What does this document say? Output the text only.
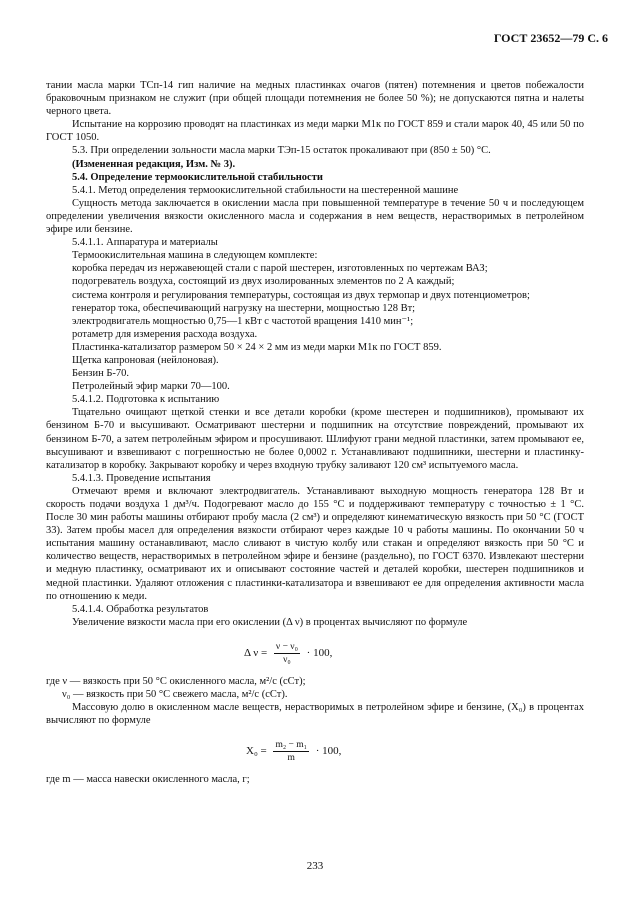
ГОСТ 23652—79 С. 6

тании масла марки ТСп-14 гип наличие на медных пластинках очагов (пятен) потемнения и цветов побежалости браковочным признаком не служит (при общей площади потемнения не более 50 %); не допускаются пятна и налеты черного цвета.

Испытание на коррозию проводят на пластинках из меди марки М1к по ГОСТ 859 и стали марок 40, 45 или 50 по ГОСТ 1050.

5.3. При определении зольности масла марки ТЭп-15 остаток прокаливают при (850 ± 50) °С.

(Измененная редакция, Изм. № 3).

5.4. Определение термоокислительной стабильности

5.4.1. Метод определения термоокислительной стабильности на шестеренной машине

Сущность метода заключается в окислении масла при повышенной температуре в течение 50 ч и последующем определении увеличения вязкости окисленного масла и содержания в нем веществ, нерастворимых в петролейном эфире или бензине.

5.4.1.1. Аппаратура и материалы

Термоокислительная машина в следующем комплекте:

коробка передач из нержавеющей стали с парой шестерен, изготовленных по чертежам ВАЗ;

подогреватель воздуха, состоящий из двух изолированных элементов по 2 А каждый;

система контроля и регулирования температуры, состоящая из двух термопар и двух потенциометров;

генератор тока, обеспечивающий нагрузку на шестерни, мощностью 128 Вт;

электродвигатель мощностью 0,75—1 кВт с частотой вращения 1410 мин⁻¹;

ротаметр для измерения расхода воздуха.

Пластинка-катализатор размером 50 × 24 × 2 мм из меди марки М1к по ГОСТ 859.

Щетка капроновая (нейлоновая).

Бензин Б-70.

Петролейный эфир марки 70—100.

5.4.1.2. Подготовка к испытанию

Тщательно очищают щеткой стенки и все детали коробки (кроме шестерен и подшипников), промывают их бензином Б-70 и высушивают. Осматривают шестерни и подшипник на отсутствие повреждений, промывают их бензином Б-70, а затем петролейным эфиром и просушивают. Шлифуют грани медной пластинки, затем промывают ее, высушивают и взвешивают с погрешностью не более 0,0002 г. Устанавливают подшипники, шестерни и пластинку-катализатор в коробку. Закрывают коробку и через входную трубку заливают 120 см³ испытуемого масла.

5.4.1.3. Проведение испытания

Отмечают время и включают электродвигатель. Устанавливают выходную мощность генератора 128 Вт и скорость подачи воздуха 1 дм³/ч. Подогревают масло до 155 °С и поддерживают температуру с точностью ± 1 °С. После 30 мин работы машины отбирают пробу масла (2 см³) и определяют кинематическую вязкость при 50 °С (ГОСТ 33). Затем пробы масел для определения вязкости отбирают через каждые 10 ч работы машины. По окончании 50 ч испытания машину останавливают, масло сливают в чистую колбу или стакан и определяют вязкость при 50 °С и количество веществ, нерастворимых в петролейном эфире и бензине (раздельно), по ГОСТ 6370. Извлекают шестерни и медную пластинку, осматривают их и описывают состояние частей и деталей коробки, шестерен подшипников и медной пластинки. Удаляют отложения с пластинки-катализатора и взвешивают ее для определения активности масла по отношению к меди.

5.4.1.4. Обработка результатов

Увеличение вязкости масла при его окислении (Δ ν) в процентах вычисляют по формуле

Δ $\nu = \frac{\text{ν − ν₀}}{\text{ν₀}} \cdot 100$,

где ν — вязкость при 50 °С окисленного масла, м²/с (сСт);

ν₀ — вязкость при 50 °С свежего масла, м²/с (сСт).

Массовую долю в окисленном масле веществ, нерастворимых в петролейном эфире и бензине, (X₀) в процентах вычисляют по формуле

$X_0 = \frac{\text{m₂ − m₁}}{m} \cdot 100$,

где m — масса навески окисленного масла, г;

233
